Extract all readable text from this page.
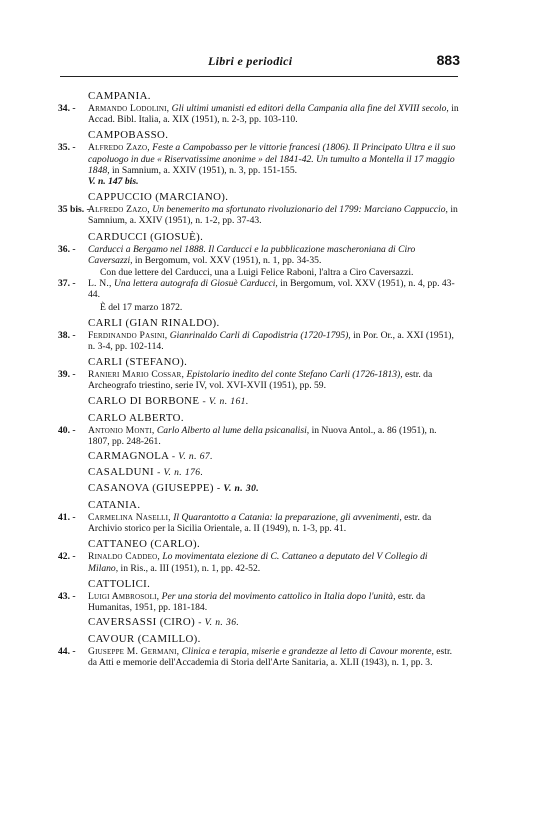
Libri e periodici	883
CAMPANIA.
34. - Armando Lodolini, Gli ultimi umanisti ed editori della Campania alla fine del XVIII secolo, in Accad. Bibl. Italia, a. XIX (1951), n. 2-3, pp. 103-110.
CAMPOBASSO.
35. - Alfredo Zazo, Feste a Campobasso per le vittorie francesi (1806). Il Principato Ultra e il suo capoluogo in due « Riservatissime anonime » del 1841-42. Un tumulto a Montella il 17 maggio 1848, in Samnium, a. XXIV (1951), n. 3, pp. 151-155.
V. n. 147 bis.
CAPPUCCIO (MARCIANO).
35 bis. -
Alfredo Zazo, Un benemerito ma sfortunato rivoluzionario del 1799: Marciano Cappuccio, in Samnium, a. XXIV (1951), n. 1-2, pp. 37-43.
CARDUCCI (GIOSUÈ).
36. - Carducci a Bergamo nel 1888. Il Carducci e la pubblicazione mascheroniana di Ciro Caversazzi, in Bergomum, vol. XXV (1951), n. 1, pp. 34-35.
Con due lettere del Carducci, una a Luigi Felice Raboni, l'altra a Ciro Caversazzi.
37. - L. N., Una lettera autografa di Giosuè Carducci, in Bergomum, vol. XXV (1951), n. 4, pp. 43-44.
È del 17 marzo 1872.
CARLI (GIAN RINALDO).
38. - Ferdinando Pasini, Gianrinaldo Carli di Capodistria (1720-1795), in Por. Or., a. XXI (1951), n. 3-4, pp. 102-114.
CARLI (STEFANO).
39. - Ranieri Mario Cossar, Epistolario inedito del conte Stefano Carli (1726-1813), estr. da Archeografo triestino, serie IV, vol. XVI-XVII (1951), pp. 59.
CARLO DI BORBONE - V. n. 161.
CARLO ALBERTO.
40. - Antonio Monti, Carlo Alberto al lume della psicanalisi, in Nuova Antol., a. 86 (1951), n. 1807, pp. 248-261.
CARMAGNOLA - V. n. 67.
CASALDUNI - V. n. 176.
CASANOVA (GIUSEPPE) - V. n. 30.
CATANIA.
41. - Carmelina Naselli, Il Quarantotto a Catania: la preparazione, gli avvenimenti, estr. da Archivio storico per la Sicilia Orientale, a. II (1949), n. 1-3, pp. 41.
CATTANEO (CARLO).
42. - Rinaldo Caddeo, Lo movimentata elezione di C. Cattaneo a deputato del V Collegio di Milano, in Ris., a. III (1951), n. 1, pp. 42-52.
CATTOLICI.
43. - Luigi Ambrosoli, Per una storia del movimento cattolico in Italia dopo l'unità, estr. da Humanitas, 1951, pp. 181-184.
CAVERSASSI (CIRO) - V. n. 36.
CAVOUR (CAMILLO).
44. - Giuseppe M. Germani, Clinica e terapia, miserie e grandezze al letto di Cavour morente, estr. da Atti e memorie dell'Accademia di Storia dell'Arte Sanitaria, a. XLII (1943), n. 1, pp. 3.
